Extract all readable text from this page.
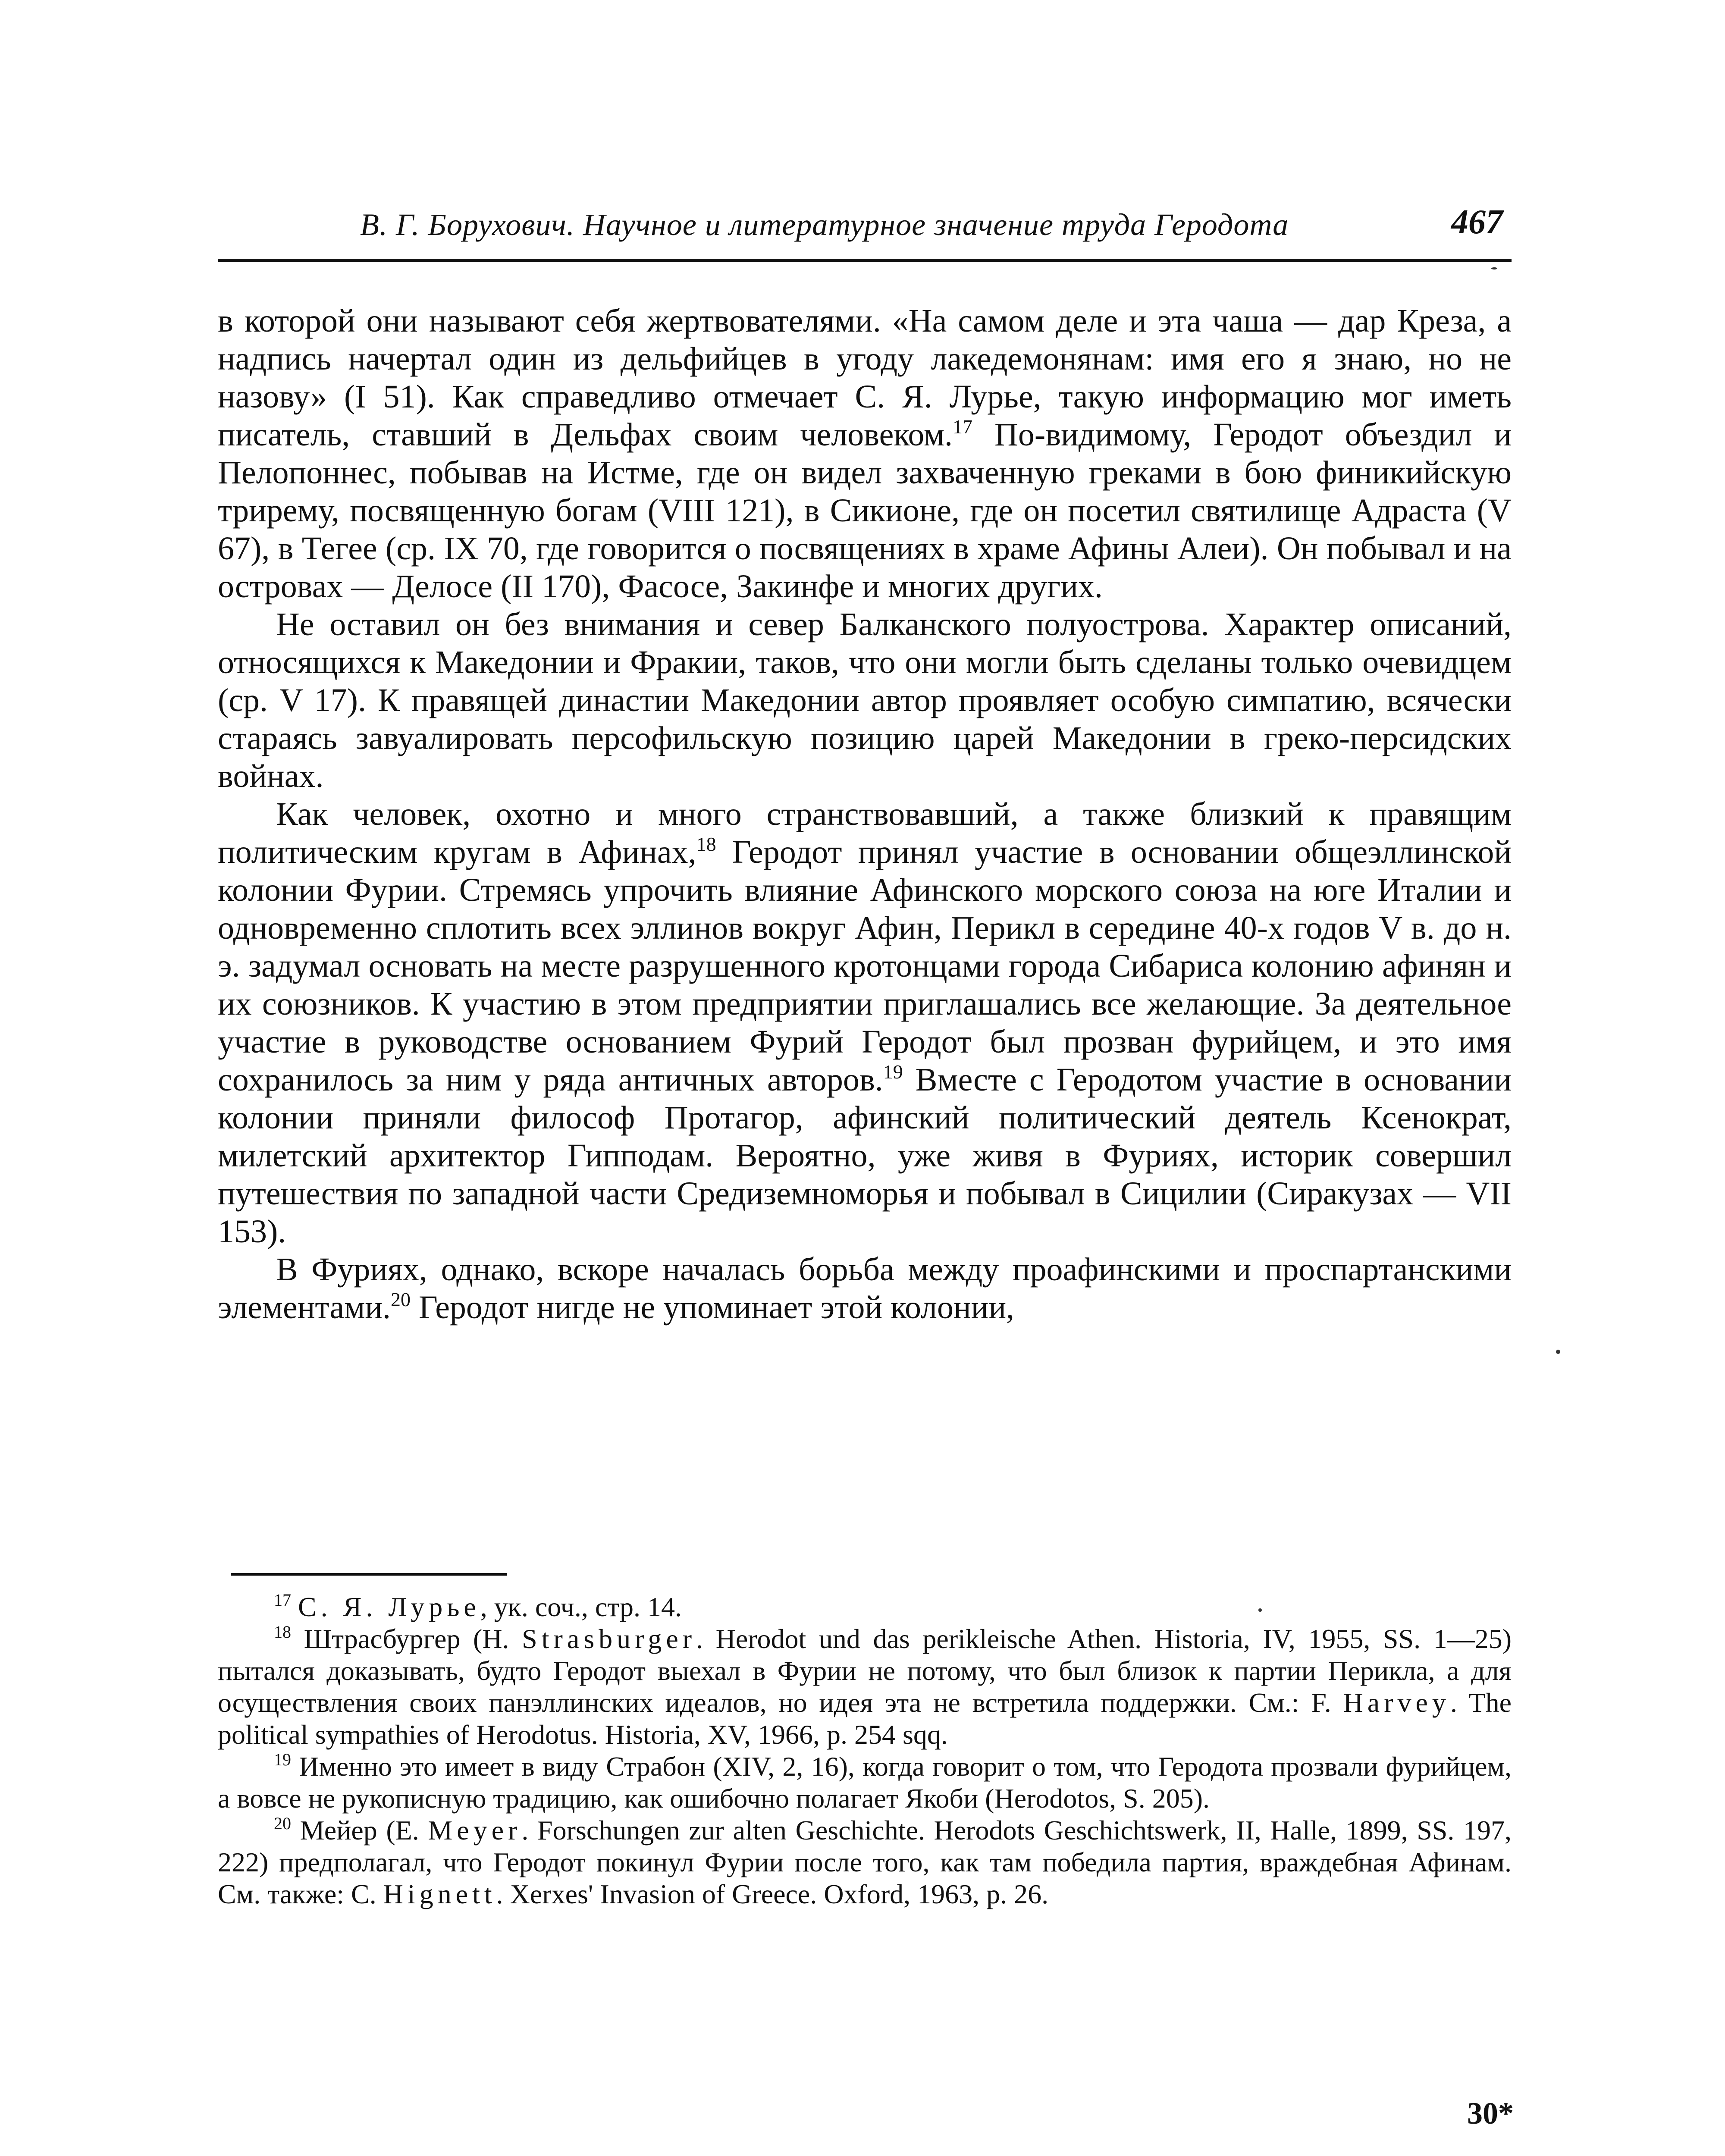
В. Г. Борухович. Научное и литературное значение труда Геродота	467

в которой они называют себя жертвователями. «На самом деле и эта чаша — дар Креза, а надпись начертал один из дельфийцев в угоду лакедемонянам: имя его я знаю, но не назову» (I 51). Как справедливо отмечает С. Я. Лурье, такую информацию мог иметь писатель, ставший в Дельфах своим человеком.$^{17}$ По-видимому, Геродот объездил и Пелопоннес, побывав на Истме, где он видел захваченную греками в бою финикийскую трирему, посвященную богам (VIII 121), в Сикионе, где он посетил святилище Адраста (V 67), в Тегее (ср. IX 70, где говорится о посвящениях в храме Афины Алеи). Он побывал и на островах — Делосе (II 170), Фасосе, Закинфе и многих других.

Не оставил он без внимания и север Балканского полуострова. Характер описаний, относящихся к Македонии и Фракии, таков, что они могли быть сделаны только очевидцем (ср. V 17). К правящей династии Македонии автор проявляет особую симпатию, всячески стараясь завуалировать персофильскую позицию царей Македонии в греко-персидских войнах.

Как человек, охотно и много странствовавший, а также близкий к правящим политическим кругам в Афинах,$^{18}$ Геродот принял участие в основании общеэллинской колонии Фурии. Стремясь упрочить влияние Афинского морского союза на юге Италии и одновременно сплотить всех эллинов вокруг Афин, Перикл в середине 40-х годов V в. до н. э. задумал основать на месте разрушенного кротонцами города Сибариса колонию афинян и их союзников. К участию в этом предприятии приглашались все желающие. За деятельное участие в руководстве основанием Фурий Геродот был прозван фурийцем, и это имя сохранилось за ним у ряда античных авторов.$^{19}$ Вместе с Геродотом участие в основании колонии приняли философ Протагор, афинский политический деятель Ксенократ, милетский архитектор Гипподам. Вероятно, уже живя в Фуриях, историк совершил путешествия по западной части Средиземноморья и побывал в Сицилии (Сиракузах — VII 153).

В Фуриях, однако, вскоре началась борьба между проафинскими и проспартанскими элементами.$^{20}$ Геродот нигде не упоминает этой колонии,

$^{17}$ С. Я. Лурье, ук. соч., стр. 14.

$^{18}$ Штрасбургер (H. Strasburger. Herodot und das perikleische Athen. Historia, IV, 1955, SS. 1—25) пытался доказывать, будто Геродот выехал в Фурии не потому, что был близок к партии Перикла, а для осуществления своих панэллинских идеалов, но идея эта не встретила поддержки. См.: F. Harvey. The political sympathies of Herodotus. Historia, XV, 1966, p. 254 sqq.

$^{19}$ Именно это имеет в виду Страбон (XIV, 2, 16), когда говорит о том, что Геродота прозвали фурийцем, а вовсе не рукописную традицию, как ошибочно полагает Якоби (Herodotos, S. 205).

$^{20}$ Мейер (E. Meyer. Forschungen zur alten Geschichte. Herodots Geschichtswerk, II, Halle, 1899, SS. 197, 222) предполагал, что Геродот покинул Фурии после того, как там победила партия, враждебная Афинам. См. также: C. Hignett. Xerxes' Invasion of Greece. Oxford, 1963, p. 26.

30*
